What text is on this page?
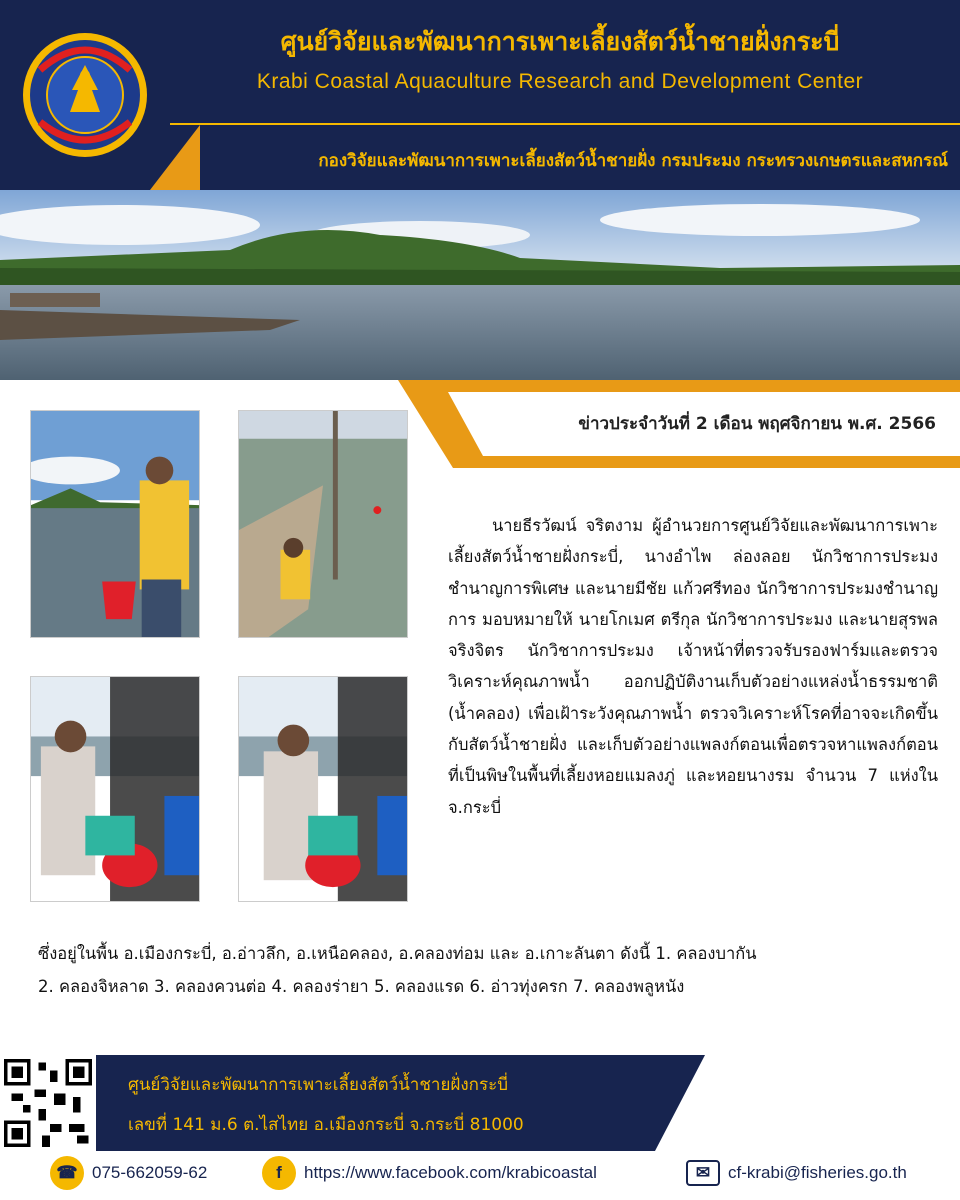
ศูนย์วิจัยและพัฒนาการเพาะเลี้ยงสัตว์น้ำชายฝั่งกระบี่
Krabi Coastal Aquaculture Research and Development Center
กองวิจัยและพัฒนาการเพาะเลี้ยงสัตว์น้ำชายฝั่ง กรมประมง กระทรวงเกษตรและสหกรณ์
ข่าวประจำวันที่ 2 เดือน พฤศจิกายน พ.ศ. 2566

นายธีรวัฒน์ จริตงาม ผู้อำนวยการศูนย์วิจัยและพัฒนาการเพาะเลี้ยงสัตว์น้ำชายฝั่งกระบี่, นางอำไพ ล่องลอย นักวิชาการประมงชำนาญการพิเศษ และนายมีชัย แก้วศรีทอง นักวิชาการประมงชำนาญการ มอบหมายให้ นายโกเมศ ตรีกุล นักวิชาการประมง และนายสุรพล จริงจิตร นักวิชาการประมง เจ้าหน้าที่ตรวจรับรองฟาร์มและตรวจวิเคราะห์คุณภาพน้ำ ออกปฏิบัติงานเก็บตัวอย่างแหล่งน้ำธรรมชาติ (น้ำคลอง) เพื่อเฝ้าระวังคุณภาพน้ำ ตรวจวิเคราะห์โรคที่อาจจะเกิดขึ้นกับสัตว์น้ำชายฝั่ง และเก็บตัวอย่างแพลงก์ตอนเพื่อตรวจหาแพลงก์ตอนที่เป็นพิษในพื้นที่เลี้ยงหอยแมลงภู่ และหอยนางรม จำนวน 7 แห่งใน จ.กระบี่

ซึ่งอยู่ในพื้น อ.เมืองกระบี่, อ.อ่าวลึก, อ.เหนือคลอง, อ.คลองท่อม และ อ.เกาะลันตา ดังนี้ 1. คลองบากัน
2. คลองจิหลาด 3. คลองควนต่อ 4. คลองร่ายา 5. คลองแรด 6. อ่าวทุ่งครก 7. คลองพลูหนัง
ศูนย์วิจัยและพัฒนาการเพาะเลี้ยงสัตว์น้ำชายฝั่งกระบี่
เลขที่ 141 ม.6 ต.ไสไทย อ.เมืองกระบี่ จ.กระบี่ 81000
☎ 075-662059-62	f	https://www.facebook.com/krabicoastal	✉	cf-krabi@fisheries.go.th
